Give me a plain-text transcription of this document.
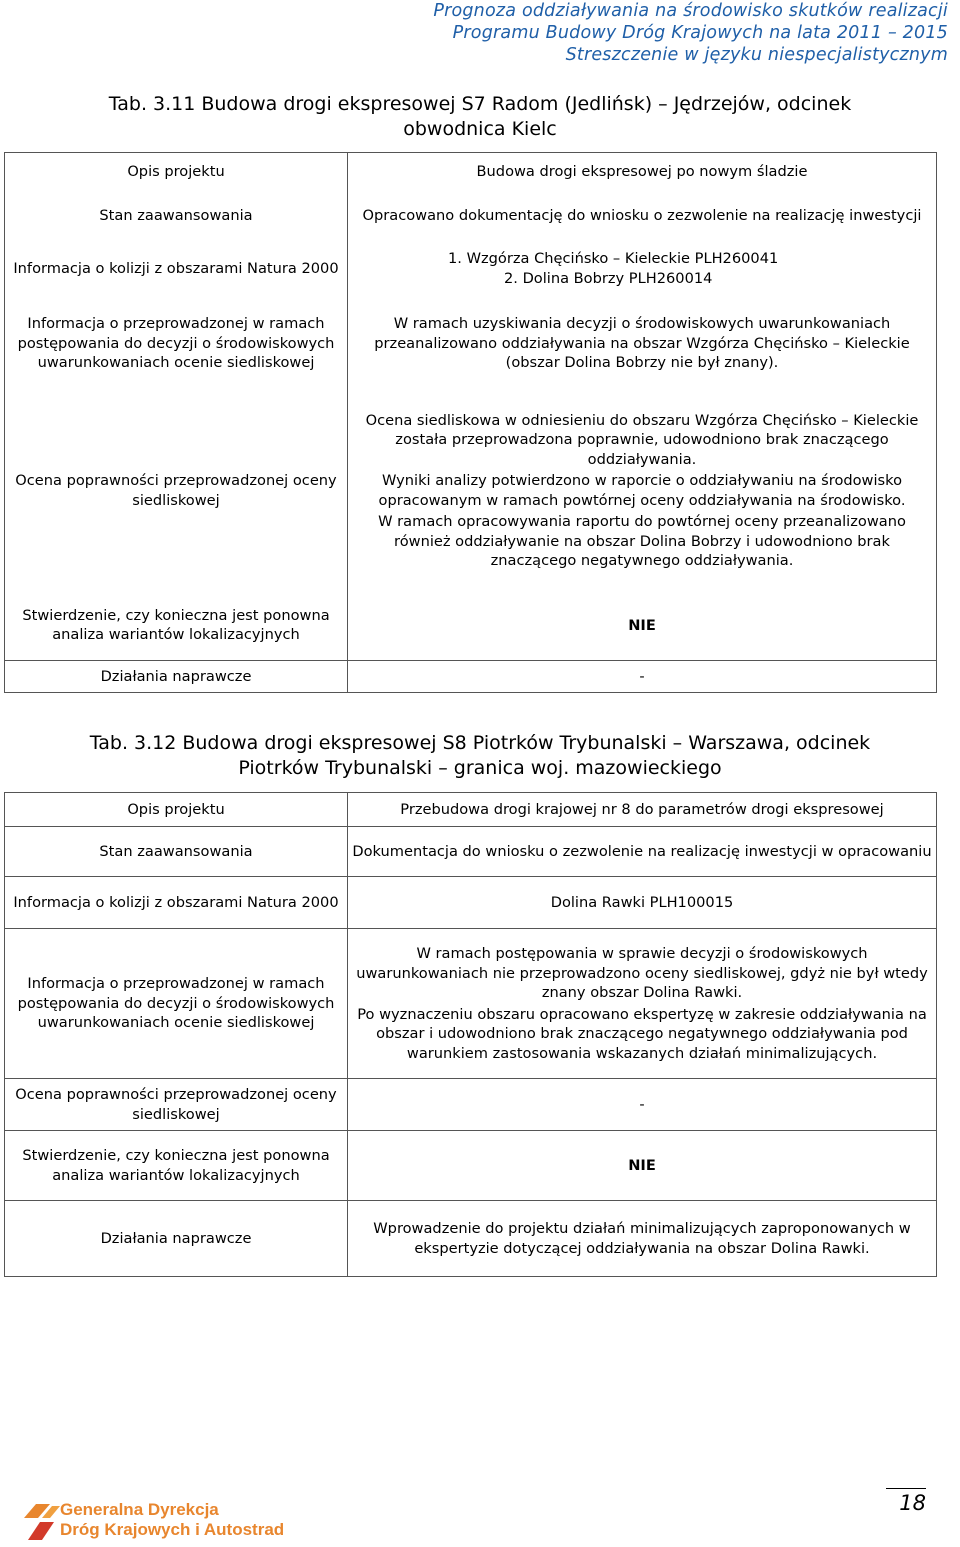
Prognoza oddziaływania na środowisko skutków realizacji
Programu Budowy Dróg Krajowych na lata 2011 – 2015
Streszczenie w języku niespecjalistycznym
Tab. 3.11 Budowa drogi ekspresowej S7 Radom (Jedlińsk) – Jędrzejów, odcinek
obwodnica Kielc
Opis projektu	Budowa drogi ekspresowej po nowym śladzie
Stan zaawansowania	Opracowano dokumentację do wniosku o zezwolenie na realizację inwestycji
Informacja o kolizji z obszarami Natura 2000	1. Wzgórza Chęcińsko – Kieleckie PLH260041
2. Dolina Bobrzy PLH260014

Informacja o przeprowadzonej w ramach postępowania do decyzji o środowiskowych uwarunkowaniach ocenie siedliskowej	W ramach uzyskiwania decyzji o środowiskowych uwarunkowaniach przeanalizowano oddziaływania na obszar Wzgórza Chęcińsko – Kieleckie (obszar Dolina Bobrzy nie był znany).
Ocena poprawności przeprowadzonej oceny siedliskowej	Ocena siedliskowa w odniesieniu do obszaru Wzgórza Chęcińsko – Kieleckie została przeprowadzona poprawnie, udowodniono brak znaczącego oddziaływania.

Wyniki analizy potwierdzono w raporcie o oddziaływaniu na środowisko opracowanym w ramach powtórnej oceny oddziaływania na środowisko.

W ramach opracowywania raportu do powtórnej oceny przeanalizowano również oddziaływanie na obszar Dolina Bobrzy i udowodniono brak znaczącego negatywnego oddziaływania.

Stwierdzenie, czy konieczna jest ponowna analiza wariantów lokalizacyjnych	NIE
Działania naprawcze	-
Tab. 3.12 Budowa drogi ekspresowej S8 Piotrków Trybunalski – Warszawa, odcinek
Piotrków Trybunalski – granica woj. mazowieckiego
Opis projektu	Przebudowa drogi krajowej nr 8 do parametrów drogi ekspresowej
Stan zaawansowania	Dokumentacja do wniosku o zezwolenie na realizację inwestycji w opracowaniu
Informacja o kolizji z obszarami Natura 2000	Dolina Rawki PLH100015
Informacja o przeprowadzonej w ramach postępowania do decyzji o środowiskowych uwarunkowaniach ocenie siedliskowej	W ramach postępowania w sprawie decyzji o środowiskowych uwarunkowaniach nie przeprowadzono oceny siedliskowej, gdyż nie był wtedy znany obszar Dolina Rawki.

Po wyznaczeniu obszaru opracowano ekspertyzę w zakresie oddziaływania na obszar i udowodniono brak znaczącego negatywnego oddziaływania pod warunkiem zastosowania wskazanych działań minimalizujących.

Ocena poprawności przeprowadzonej oceny siedliskowej	-
Stwierdzenie, czy konieczna jest ponowna analiza wariantów lokalizacyjnych	NIE
Działania naprawcze	Wprowadzenie do projektu działań minimalizujących zaproponowanych w ekspertyzie dotyczącej oddziaływania na obszar Dolina Rawki.
Generalna Dyrekcja
Dróg Krajowych i Autostrad
18
